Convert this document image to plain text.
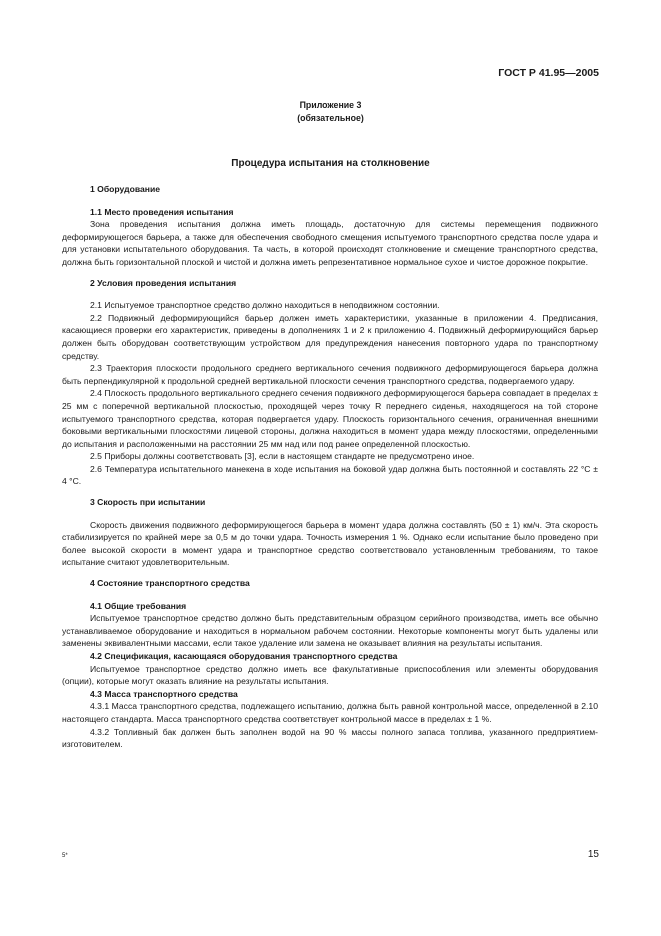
ГОСТ Р 41.95—2005
Приложение 3
(обязательное)
Процедура испытания на столкновение

1 Оборудование

1.1 Место проведения испытания

Зона проведения испытания должна иметь площадь, достаточную для системы перемещения подвижного деформирующегося барьера, а также для обеспечения свободного смещения испытуемого транспортного средства после удара и для установки испытательного оборудования. Та часть, в которой происходят столкновение и смещение транспортного средства, должна быть горизонтальной плоской и чистой и должна иметь репрезентативное нормальное сухое и чистое дорожное покрытие.

2 Условия проведения испытания

2.1 Испытуемое транспортное средство должно находиться в неподвижном состоянии.

2.2 Подвижный деформирующийся барьер должен иметь характеристики, указанные в приложении 4. Предписания, касающиеся проверки его характеристик, приведены в дополнениях 1 и 2 к приложению 4. Подвижный деформирующийся барьер должен быть оборудован соответствующим устройством для предупреждения нанесения повторного удара по транспортному средству.

2.3 Траектория плоскости продольного среднего вертикального сечения подвижного деформирующегося барьера должна быть перпендикулярной к продольной средней вертикальной плоскости сечения транспортного средства, подвергаемого удару.

2.4 Плоскость продольного вертикального среднего сечения подвижного деформирующегося барьера совпадает в пределах ± 25 мм с поперечной вертикальной плоскостью, проходящей через точку R переднего сиденья, находящегося на той стороне испытуемого транспортного средства, которая подвергается удару. Плоскость горизонтального сечения, ограниченная внешними боковыми вертикальными плоскостями лицевой стороны, должна находиться в момент удара между плоскостями, определенными до испытания и расположенными на расстоянии 25 мм над или под ранее определенной плоскостью.

2.5 Приборы должны соответствовать [3], если в настоящем стандарте не предусмотрено иное.

2.6 Температура испытательного манекена в ходе испытания на боковой удар должна быть постоянной и составлять 22 °С ± 4 °С.

3 Скорость при испытании

Скорость движения подвижного деформирующегося барьера в момент удара должна составлять (50 ± 1) км/ч. Эта скорость стабилизируется по крайней мере за 0,5 м до точки удара. Точность измерения 1 %. Однако если испытание было проведено при более высокой скорости в момент удара и транспортное средство соответствовало установленным требованиям, то такое испытание считают удовлетворительным.

4 Состояние транспортного средства

4.1 Общие требования

Испытуемое транспортное средство должно быть представительным образцом серийного производства, иметь все обычно устанавливаемое оборудование и находиться в нормальном рабочем состоянии. Некоторые компоненты могут быть удалены или заменены эквивалентными массами, если такое удаление или замена не оказывает влияния на результаты испытания.

4.2 Спецификация, касающаяся оборудования транспортного средства

Испытуемое транспортное средство должно иметь все факультативные приспособления или элементы оборудования (опции), которые могут оказать влияние на результаты испытания.

4.3 Масса транспортного средства

4.3.1 Масса транспортного средства, подлежащего испытанию, должна быть равной контрольной массе, определенной в 2.10 настоящего стандарта. Масса транспортного средства соответствует контрольной массе в пределах ± 1 %.

4.3.2 Топливный бак должен быть заполнен водой на 90 % массы полного запаса топлива, указанного предприятием-изготовителем.

5*	15
